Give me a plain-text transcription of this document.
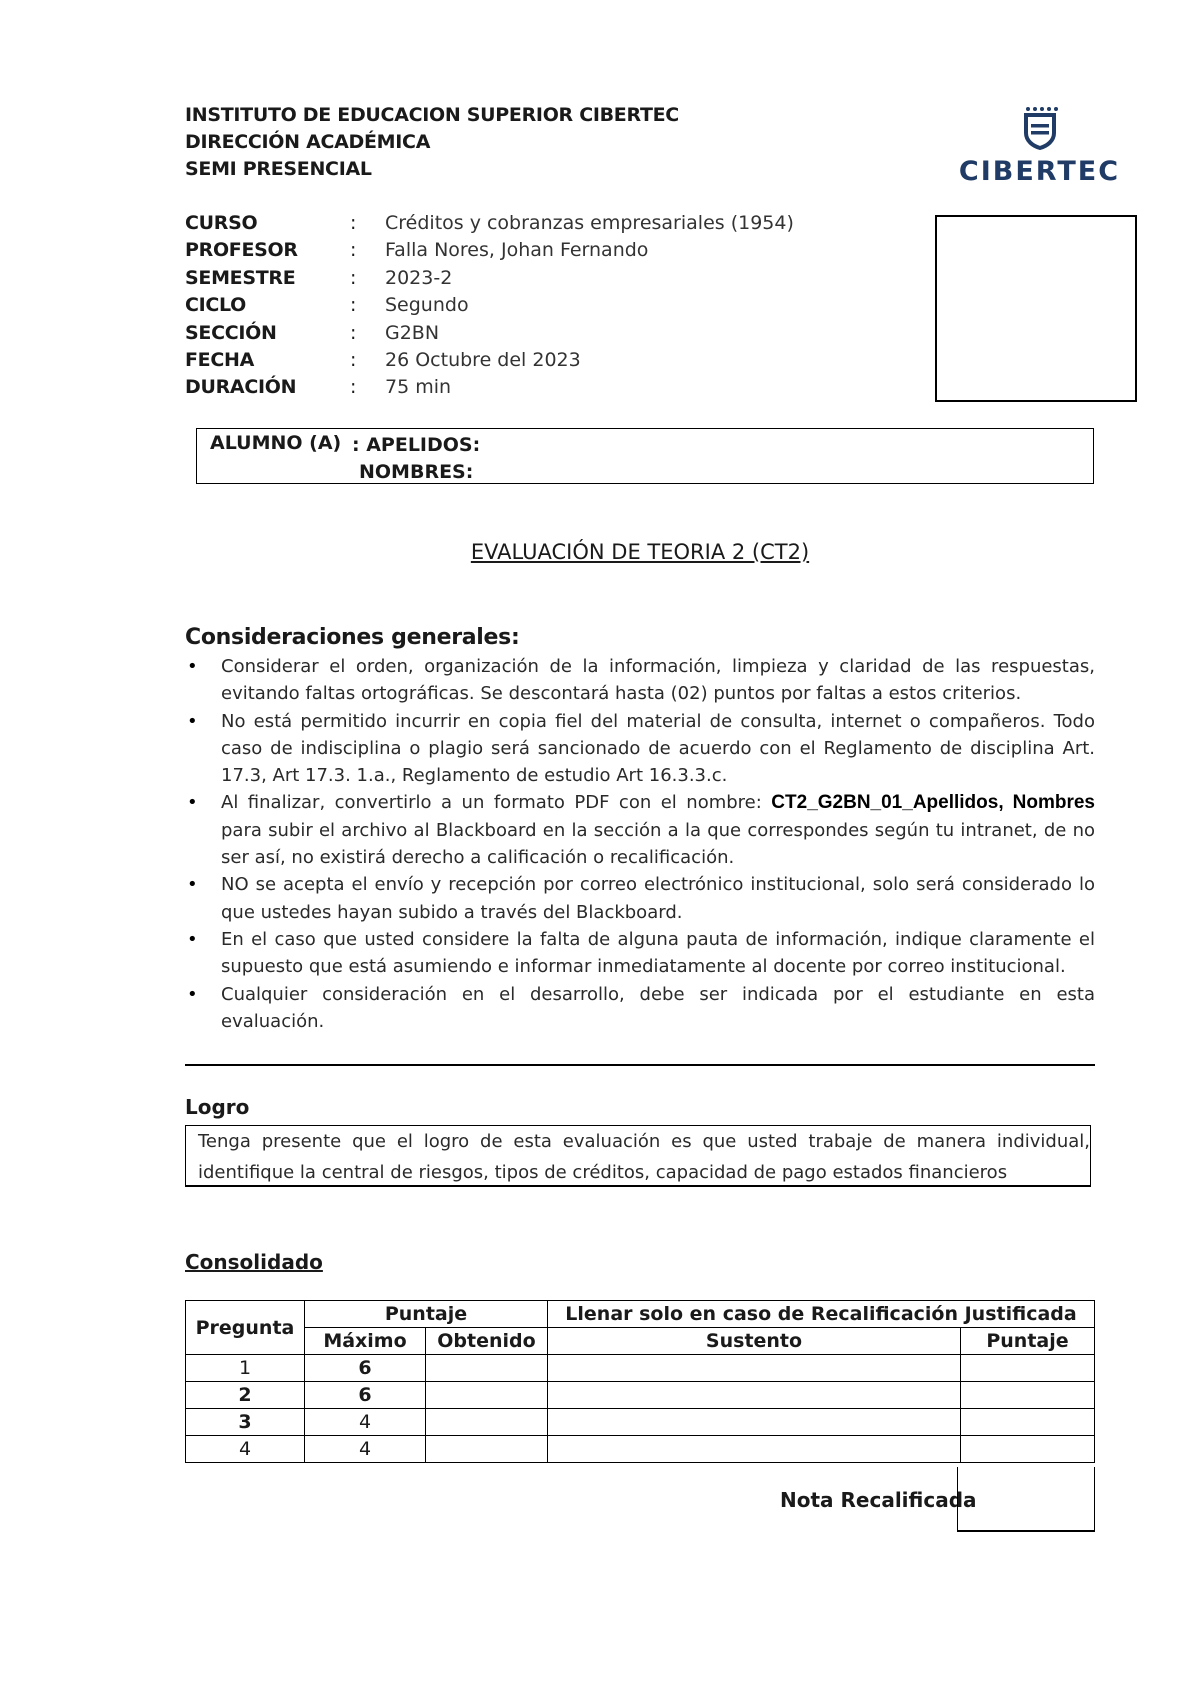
INSTITUTO DE EDUCACION SUPERIOR CIBERTEC
DIRECCIÓN ACADÉMICA
SEMI PRESENCIAL	CIBERTEC
CURSO	:	Créditos y cobranzas empresariales (1954)
PROFESOR	:	Falla Nores, Johan Fernando
SEMESTRE	:	2023-2
CICLO	:	Segundo
SECCIÓN	:	G2BN
FECHA	:	26 Octubre del 2023
DURACIÓN	:	75 min
ALUMNO (A) : APELIDOS:
NOMBRES:
EVALUACIÓN DE TEORIA 2 (CT2)
Consideraciones generales:
• Considerar el orden, organización de la información, limpieza y claridad de las respuestas, evitando faltas ortográficas. Se descontará hasta (02) puntos por faltas a estos criterios.
• No está permitido incurrir en copia fiel del material de consulta, internet o compañeros. Todo caso de indisciplina o plagio será sancionado de acuerdo con el Reglamento de disciplina Art. 17.3, Art 17.3. 1.a., Reglamento de estudio Art 16.3.3.c.
• Al finalizar, convertirlo a un formato PDF con el nombre: CT2_G2BN_01_Apellidos, Nombres para subir el archivo al Blackboard en la sección a la que correspondes según tu intranet, de no ser así, no existirá derecho a calificación o recalificación.
• NO se acepta el envío y recepción por correo electrónico institucional, solo será considerado lo que ustedes hayan subido a través del Blackboard.
• En el caso que usted considere la falta de alguna pauta de información, indique claramente el supuesto que está asumiendo e informar inmediatamente al docente por correo institucional.
• Cualquier consideración en el desarrollo, debe ser indicada por el estudiante en esta evaluación.
Logro
Tenga presente que el logro de esta evaluación es que usted trabaje de manera individual, identifique la central de riesgos, tipos de créditos, capacidad de pago estados financieros
Consolidado
Pregunta	Puntaje		Llenar solo en caso de Recalificación Justificada	
	Máximo	Obtenido	Sustento	Puntaje
1	6			
2	6			
3	4			
4	4			
Nota Recalificada
